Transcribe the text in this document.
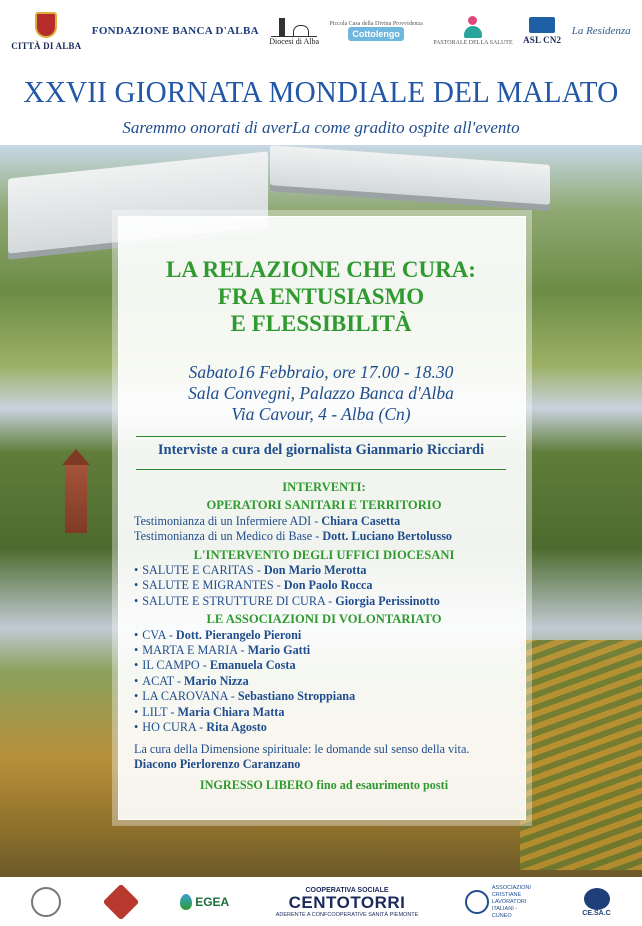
CITTÀ DI ALBA
FONDAZIONE BANCA D'ALBA
Diocesi di Alba
Piccola Casa della Divina Provvidenza
Cottolengo
PASTORALE DELLA SALUTE ASL CN2
La Residenza
XXVII GIORNATA MONDIALE DEL MALATO
Saremmo onorati di averLa come gradito ospite all'evento
LA RELAZIONE CHE CURA:
FRA ENTUSIASMO
E FLESSIBILITÀ
Sabato16 Febbraio, ore 17.00 - 18.30
Sala Convegni, Palazzo Banca d'Alba
Via Cavour, 4 - Alba (Cn)
Interviste a cura del giornalista Gianmario Ricciardi
INTERVENTI:
OPERATORI SANITARI E TERRITORIO
Testimonianza di un Infermiere ADI - Chiara Casetta
Testimonianza di un Medico di Base - Dott. Luciano Bertolusso
L'INTERVENTO DEGLI UFFICI DIOCESANI
• SALUTE E CARITAS - Don Mario Merotta
• SALUTE E MIGRANTES - Don Paolo Rocca
• SALUTE E STRUTTURE DI CURA - Giorgia Perissinotto
LE ASSOCIAZIONI DI VOLONTARIATO
• CVA - Dott. Pierangelo Pieroni
• MARTA E MARIA - Mario Gatti
• IL CAMPO - Emanuela Costa
• ACAT - Mario Nizza
• LA CAROVANA - Sebastiano Stroppiana
• LILT - Maria Chiara Matta
• HO CURA - Rita Agosto
La cura della Dimensione spirituale: le domande sul senso della vita.
Diacono Pierlorenzo Caranzano
INGRESSO LIBERO fino ad esaurimento posti
EGEA
COOPERATIVA SOCIALE
CENTOTORRI
ADERENTE A CONFCOOPERATIVE SANITÀ PIEMONTE
ASSOCIAZIONI CRISTIANE LAVORATORI ITALIANI - CUNEO	CE.SA.C
